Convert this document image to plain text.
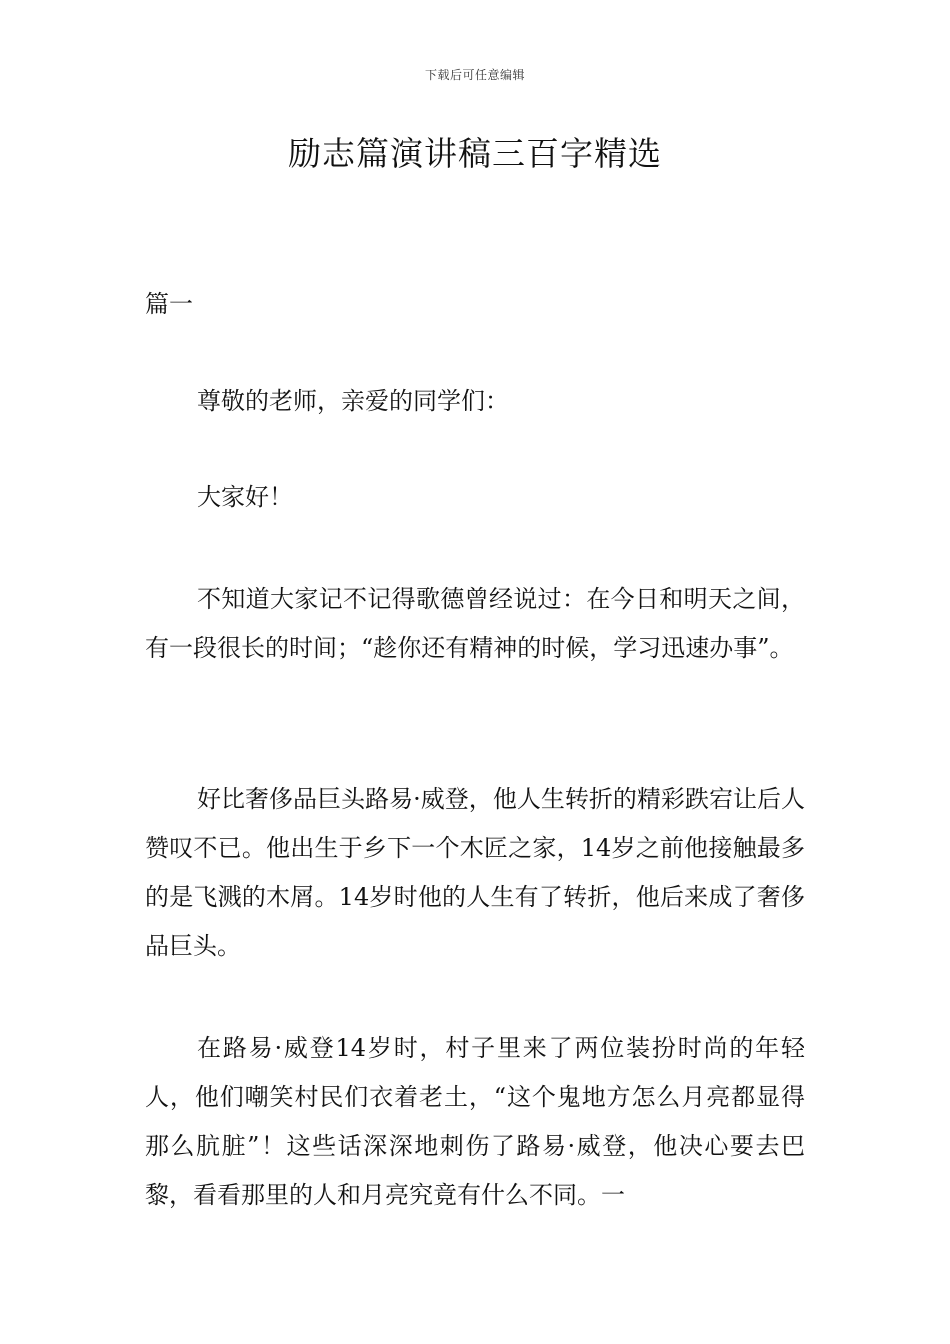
下载后可任意编辑
励志篇演讲稿三百字精选
篇一

尊敬的老师，亲爱的同学们：

大家好！

不知道大家记不记得歌德曾经说过：在今日和明天之间，有一段很长的时间；“趁你还有精神的时候，学习迅速办事”。

好比奢侈品巨头路易·威登，他人生转折的精彩跌宕让后人赞叹不已。他出生于乡下一个木匠之家，14岁之前他接触最多的是飞溅的木屑。14岁时他的人生有了转折，他后来成了奢侈品巨头。

在路易·威登14岁时，村子里来了两位装扮时尚的年轻人，他们嘲笑村民们衣着老土，“这个鬼地方怎么月亮都显得那么肮脏”！这些话深深地刺伤了路易·威登，他决心要去巴黎，看看那里的人和月亮究竟有什么不同。一
